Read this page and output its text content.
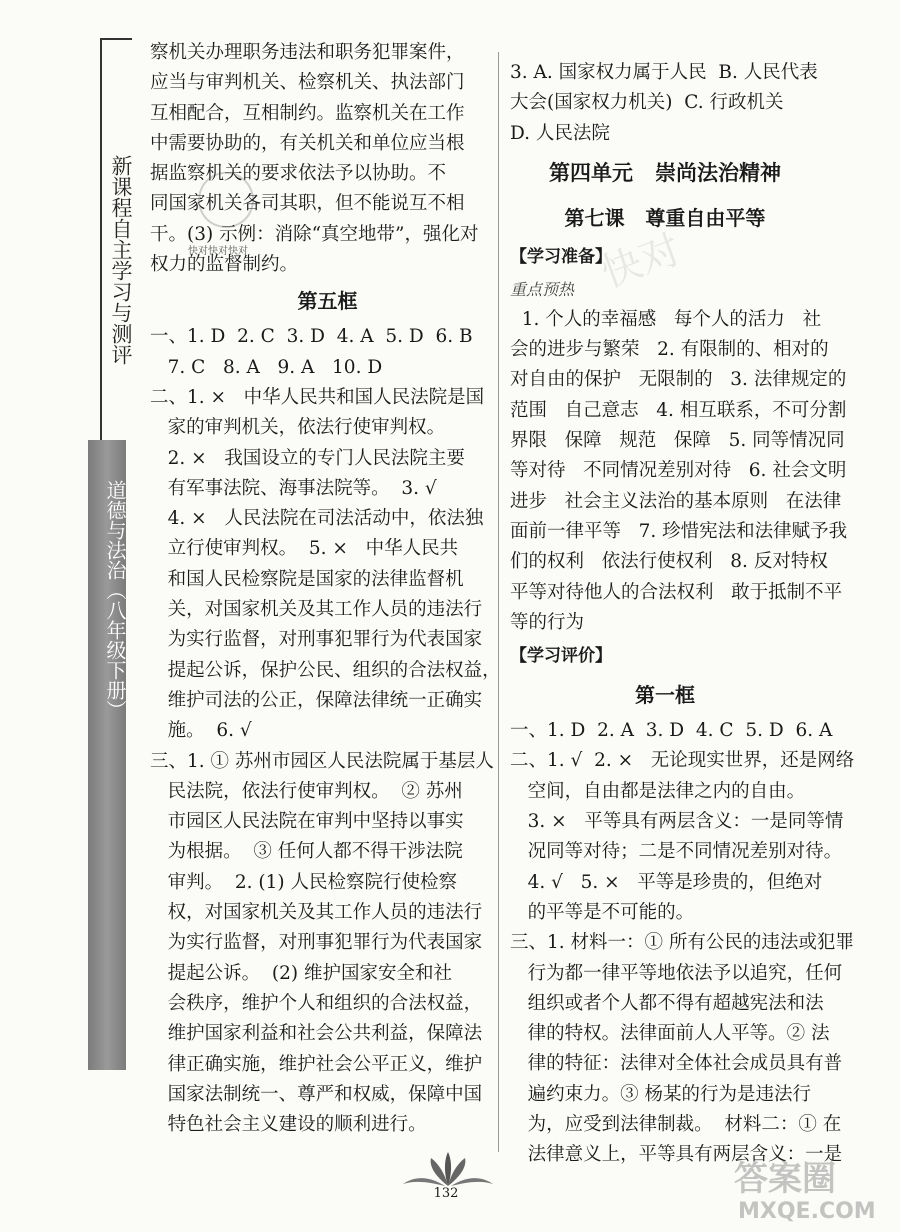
新课程自主学习与测评
道德与法治（八年级下册）
快对快对快对	快对

察机关办理职务违法和职务犯罪案件，

应当与审判机关、检察机关、执法部门

互相配合，互相制约。监察机关在工作

中需要协助的，有关机关和单位应当根

据监察机关的要求依法予以协助。不

同国家机关各司其职，但不能说互不相

干。(3) 示例：消除“真空地带”，强化对

权力的监督制约。

第五框

一、1. D  2. C  3. D  4. A  5. D  6. B

7. C   8. A   9. A   10. D

二、1. ×   中华人民共和国人民法院是国

家的审判机关，依法行使审判权。

2. ×   我国设立的专门人民法院主要

有军事法院、海事法院等。  3. √

4. ×   人民法院在司法活动中，依法独

立行使审判权。  5. ×   中华人民共

和国人民检察院是国家的法律监督机

关，对国家机关及其工作人员的违法行

为实行监督，对刑事犯罪行为代表国家

提起公诉，保护公民、组织的合法权益，

维护司法的公正，保障法律统一正确实

施。  6. √

三、1. ① 苏州市园区人民法院属于基层人

民法院，依法行使审判权。  ② 苏州

市园区人民法院在审判中坚持以事实

为根据。  ③ 任何人都不得干涉法院

审判。  2. (1) 人民检察院行使检察

权，对国家机关及其工作人员的违法行

为实行监督，对刑事犯罪行为代表国家

提起公诉。  (2) 维护国家安全和社

会秩序，维护个人和组织的合法权益，

维护国家利益和社会公共利益，保障法

律正确实施，维护社会公平正义，维护

国家法制统一、尊严和权威，保障中国

特色社会主义建设的顺利进行。

3. A. 国家权力属于人民  B. 人民代表

大会(国家权力机关)  C. 行政机关

D. 人民法院

第四单元   崇尚法治精神
第七课   尊重自由平等
【学习准备】
重点预热

1. 个人的幸福感   每个人的活力   社

会的进步与繁荣   2. 有限制的、相对的

对自由的保护   无限制的   3. 法律规定的

范围   自己意志   4. 相互联系，不可分割

界限   保障   规范   保障   5. 同等情况同

等对待   不同情况差别对待   6. 社会文明

进步   社会主义法治的基本原则   在法律

面前一律平等   7. 珍惜宪法和法律赋予我

们的权利   依法行使权利   8. 反对特权

平等对待他人的合法权利   敢于抵制不平

等的行为

【学习评价】
第一框

一、1. D  2. A  3. D  4. C  5. D  6. A

二、1. √  2. ×   无论现实世界，还是网络

空间，自由都是法律之内的自由。

3. ×   平等具有两层含义：一是同等情

况同等对待；二是不同情况差别对待。

4. √   5. ×   平等是珍贵的，但绝对

的平等是不可能的。

三、1. 材料一：① 所有公民的违法或犯罪

行为都一律平等地依法予以追究，任何

组织或者个人都不得有超越宪法和法

律的特权。法律面前人人平等。② 法

律的特征：法律对全体社会成员具有普

遍约束力。③ 杨某的行为是违法行

为，应受到法律制裁。  材料二：① 在

法律意义上，平等具有两层含义：一是

132	答案圈
MXQE.COM
